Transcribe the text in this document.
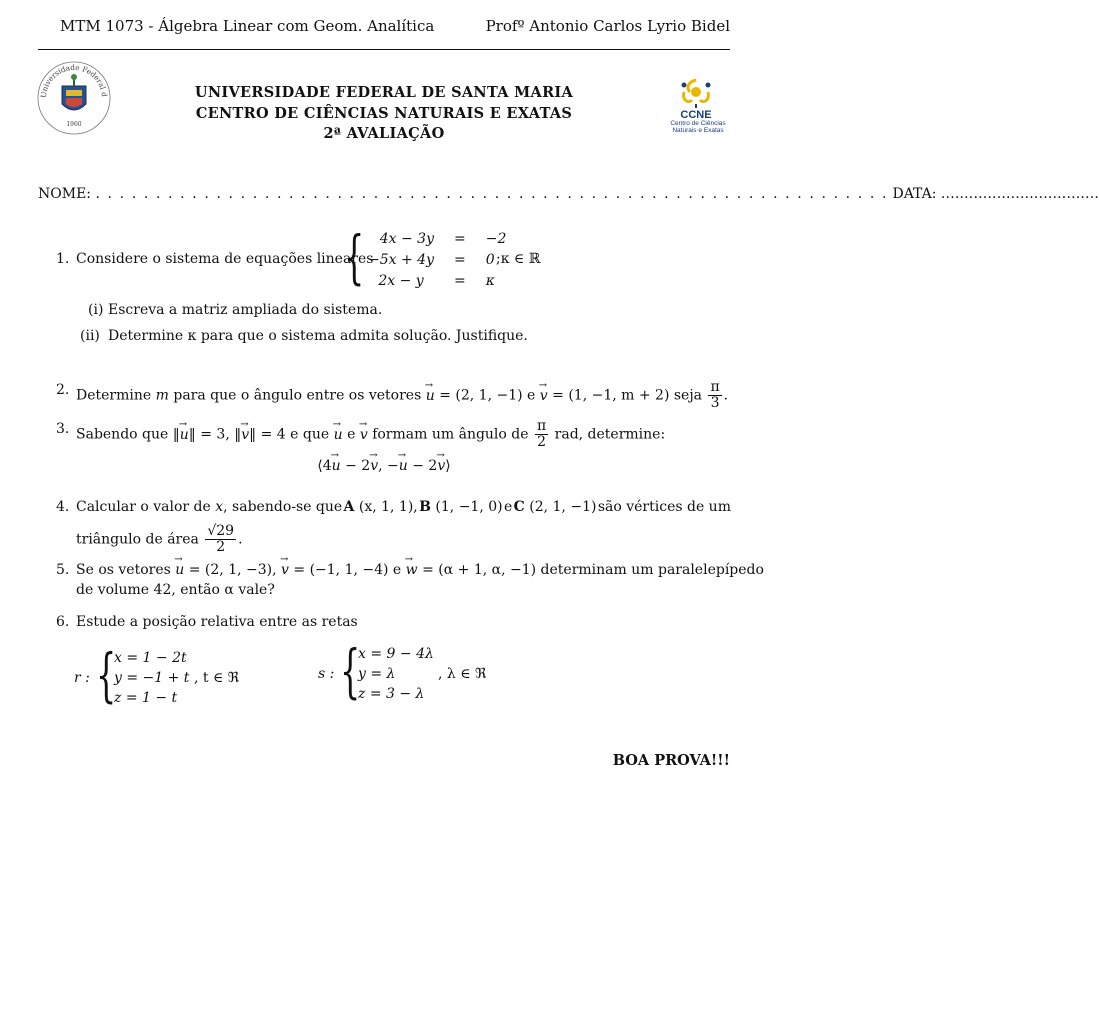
MTM 1073 - Álgebra Linear com Geom. Analítica	Profº Antonio Carlos Lyrio Bidel
Universidade Federal d
1960
CCNE
Centro de Ciências Naturais e Exatas
UNIVERSIDADE FEDERAL DE SANTA MARIA
CENTRO DE CIÊNCIAS NATURAIS E EXATAS
2ª AVALIAÇÃO
NOME: . . . . . . . . . . . . . . . . . . . . . . . . . . . . . . . . . . . . . . . . . . . . . . . . . . . . . . . . . . . . . . . . . . DATA: ..................................
1. Considere o sistema de equações lineares
{ 4x − 3y	=	−2
−5x + 4y	=	0
2x − y	=	κ
;κ ∈ ℝ
(i) Escreva a matriz ampliada do sistema.
(ii) Determine κ para que o sistema admita solução. Justifique.
2. Determine m para que o ângulo entre os vetores → u = (2, 1, −1) e → v = (1, −1, m + 2) seja $\frac{\pi}{3}$ .
3. Sabendo que ‖→ u‖ = 3, ‖→ v‖ = 4 e que → u e → v formam um ângulo de $\frac{\pi}{2}$ rad, determine:
⟨4→ u − 2→ v, −→ u − 2→ v⟩
4. Calcular o valor de x, sabendo-se que A (x, 1, 1), B (1, −1, 0) e C (2, 1, −1) são vértices de um
triângulo de área $\frac{√29}{2}$ .
5. Se os vetores → u = (2, 1, −3), → v = (−1, 1, −4) e → w = (α + 1, α, −1) determinam um paralelepípedo
de volume 42, então α vale?
6. Estude a posição relativa entre as retas
r : {
x = 1 − 2t
y = −1 + t
z = 1 − t
, t ∈ ℜ	s : {
x = 9 − 4λ
y = λ
z = 3 − λ
, λ ∈ ℜ
BOA PROVA!!!
